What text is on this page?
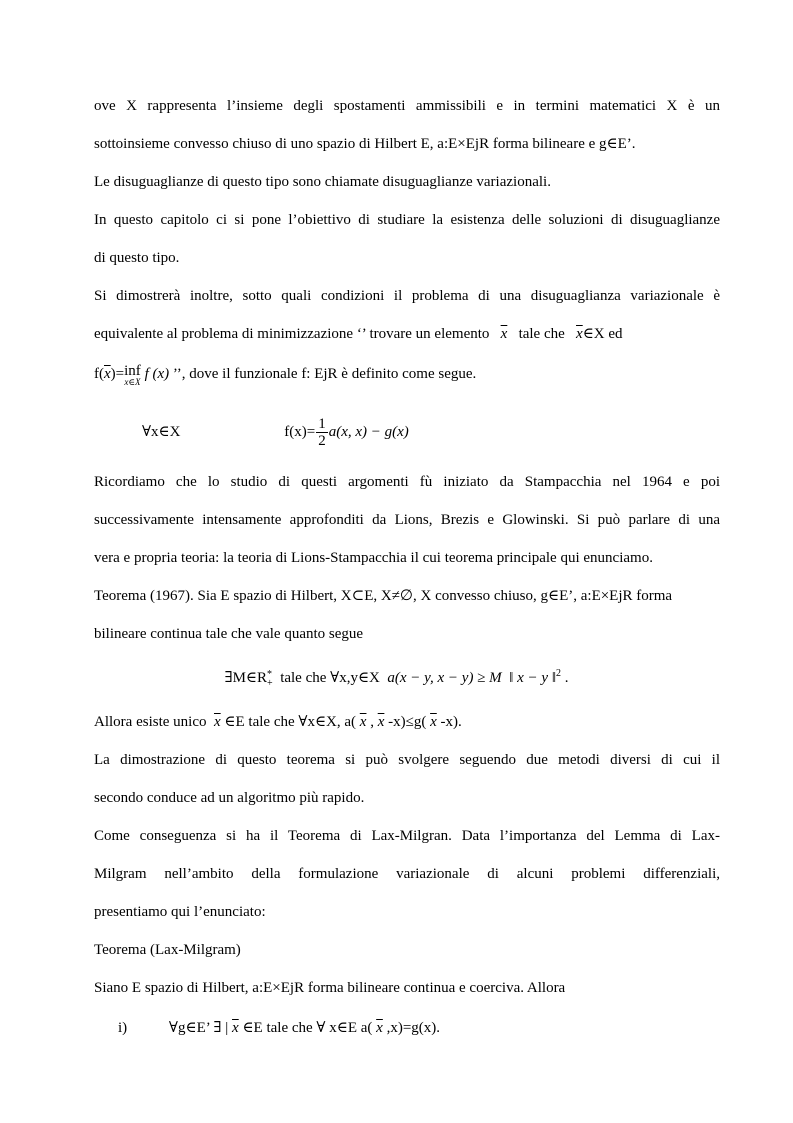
ove X rappresenta l’insieme degli spostamenti ammissibili e in termini matematici X è un
sottoinsieme convesso chiuso di uno spazio di Hilbert E, a:E×EjR forma bilineare e g∈E’.
Le disuguaglianze di questo tipo sono chiamate disuguaglianze variazionali.
In questo capitolo ci si pone l’obiettivo di studiare la esistenza delle soluzioni di disuguaglianze
di questo tipo.
Si dimostrerà inoltre, sotto quali condizioni il problema di una disuguaglianza variazionale è
equivalente al problema di minimizzazione ‘’ trovare un elemento $\overline{x}$ tale che $\overline{x}\in X$ ed
$f(\overline{x})=inf$
x∈X f (x) ’’, dove il funzionale f: EjR è definito come segue.
∀x∈X	$f(x)= \frac{1}{2} a(x$, x) − g(x)
Ricordiamo che lo studio di questi argomenti fù iniziato da Stampacchia nel 1964 e poi
successivamente intensamente approfonditi da Lions, Brezis e Glowinski. Si può parlare di una
vera e propria teoria: la teoria di Lions-Stampacchia il cui teorema principale qui enunciamo.
Teorema (1967). Sia E spazio di Hilbert, X⊂E, X≠∅, X convesso chiuso, g∈E’, a:E×EjR forma
bilineare continua tale che vale quanto segue
∃M∈R *
+ tale che ∀x,y∈X a(x − y, x − y) ≥ M ‖ x − y ‖$^2$ .
Allora esiste unico $\overline{x}$ ∈E tale che ∀x∈X, a( $\overline{x}$ , $\overline{x}$ -x)≤g( $\overline{x}$ -x).
La dimostrazione di questo teorema si può svolgere seguendo due metodi diversi di cui il
secondo conduce ad un algoritmo più rapido.
Come conseguenza si ha il Teorema di Lax-Milgran. Data l’importanza del Lemma di Lax-
Milgram nell’ambito della formulazione variazionale di alcuni problemi differenziali,
presentiamo qui l’enunciato:
Teorema (Lax-Milgram)
Siano E spazio di Hilbert, a:E×EjR forma bilineare continua e coerciva. Allora
i)	∀g∈E’ ∃ | $\overline{x}$ ∈E tale che ∀ x∈E a( $\overline{x}$ ,x)=g(x).
